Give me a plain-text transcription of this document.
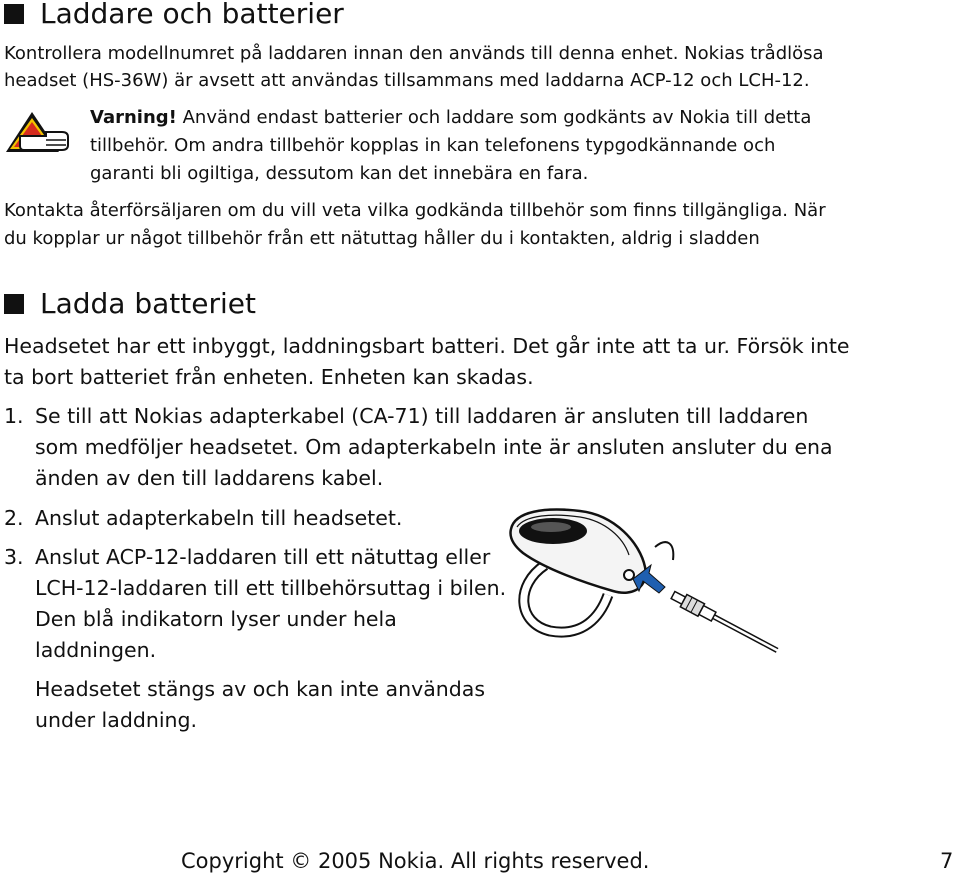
Laddare och batterier
Kontrollera modellnumret på laddaren innan den används till denna enhet. Nokias trådlösa
headset (HS-36W) är avsett att användas tillsammans med laddarna ACP-12 och LCH-12.
Varning! Använd endast batterier och laddare som godkänts av Nokia till detta
tillbehör. Om andra tillbehör kopplas in kan telefonens typgodkännande och
garanti bli ogiltiga, dessutom kan det innebära en fara.
Kontakta återförsäljaren om du vill veta vilka godkända tillbehör som finns tillgängliga. När
du kopplar ur något tillbehör från ett nätuttag håller du i kontakten, aldrig i sladden
Ladda batteriet
Headsetet har ett inbyggt, laddningsbart batteri. Det går inte att ta ur. Försök inte
ta bort batteriet från enheten. Enheten kan skadas.
1. Se till att Nokias adapterkabel (CA-71) till laddaren är ansluten till laddaren
som medföljer headsetet. Om adapterkabeln inte är ansluten ansluter du ena
änden av den till laddarens kabel.
2. Anslut adapterkabeln till headsetet.
3. Anslut ACP-12-laddaren till ett nätuttag eller
LCH-12-laddaren till ett tillbehörsuttag i bilen.
Den blå indikatorn lyser under hela
laddningen.
Headsetet stängs av och kan inte användas
under laddning.
Copyright © 2005 Nokia. All rights reserved.	7
